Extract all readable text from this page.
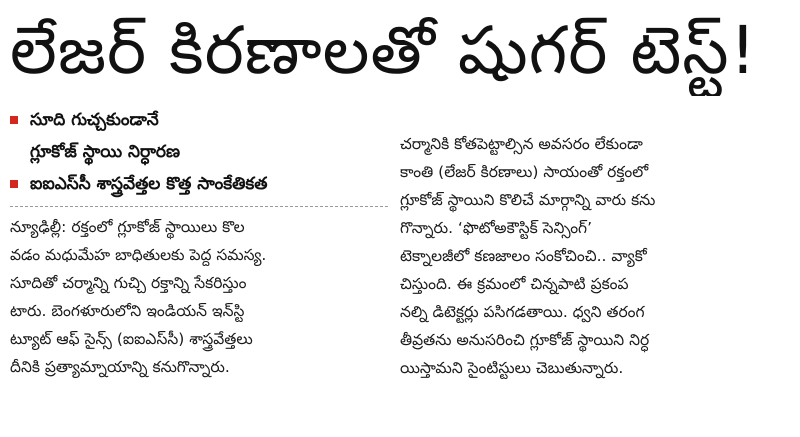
లేజర్ కిరణాలతో షుగర్ టెస్ట్!
సూది గుచ్చకుండానే
గ్లూకోజ్ స్థాయి నిర్ధారణ
ఐఐఎస్‌సీ శాస్త్రవేత్తల కొత్త సాంకేతికత
న్యూఢిల్లీ: రక్తంలో గ్లూకోజ్ స్థాయిలు కొల
వడం మధుమేహ బాధితులకు పెద్ద సమస్య.
సూదితో చర్మాన్ని గుచ్చి రక్తాన్ని సేకరిస్తుం
టారు. బెంగళూరులోని ఇండియన్ ఇన్‌స్టి
ట్యూట్ ఆఫ్ సైన్స్ (ఐఐఎస్‌సీ) శాస్త్రవేత్తలు
దీనికి ప్రత్యామ్నాయాన్ని కనుగొన్నారు.
చర్మానికి కోతపెట్టాల్సిన అవసరం లేకుండా
కాంతి (లేజర్ కిరణాలు) సాయంతో రక్తంలో
గ్లూకోజ్ స్థాయిని కొలిచే మార్గాన్ని వారు కను
గొన్నారు. ‘ఫొటోఅకౌస్టిక్ సెన్సింగ్’
టెక్నాలజీలో కణజాలం సంకోచించి.. వ్యాకో
చిస్తుంది. ఈ క్రమంలో చిన్నపాటి ప్రకంప
నల్ని డిటెక్టర్లు పసిగడతాయి. ధ్వని తరంగ
తీవ్రతను అనుసరించి గ్లూకోజ్ స్థాయిని నిర్ధ
యిస్తామని సైంటిస్టులు చెబుతున్నారు.
